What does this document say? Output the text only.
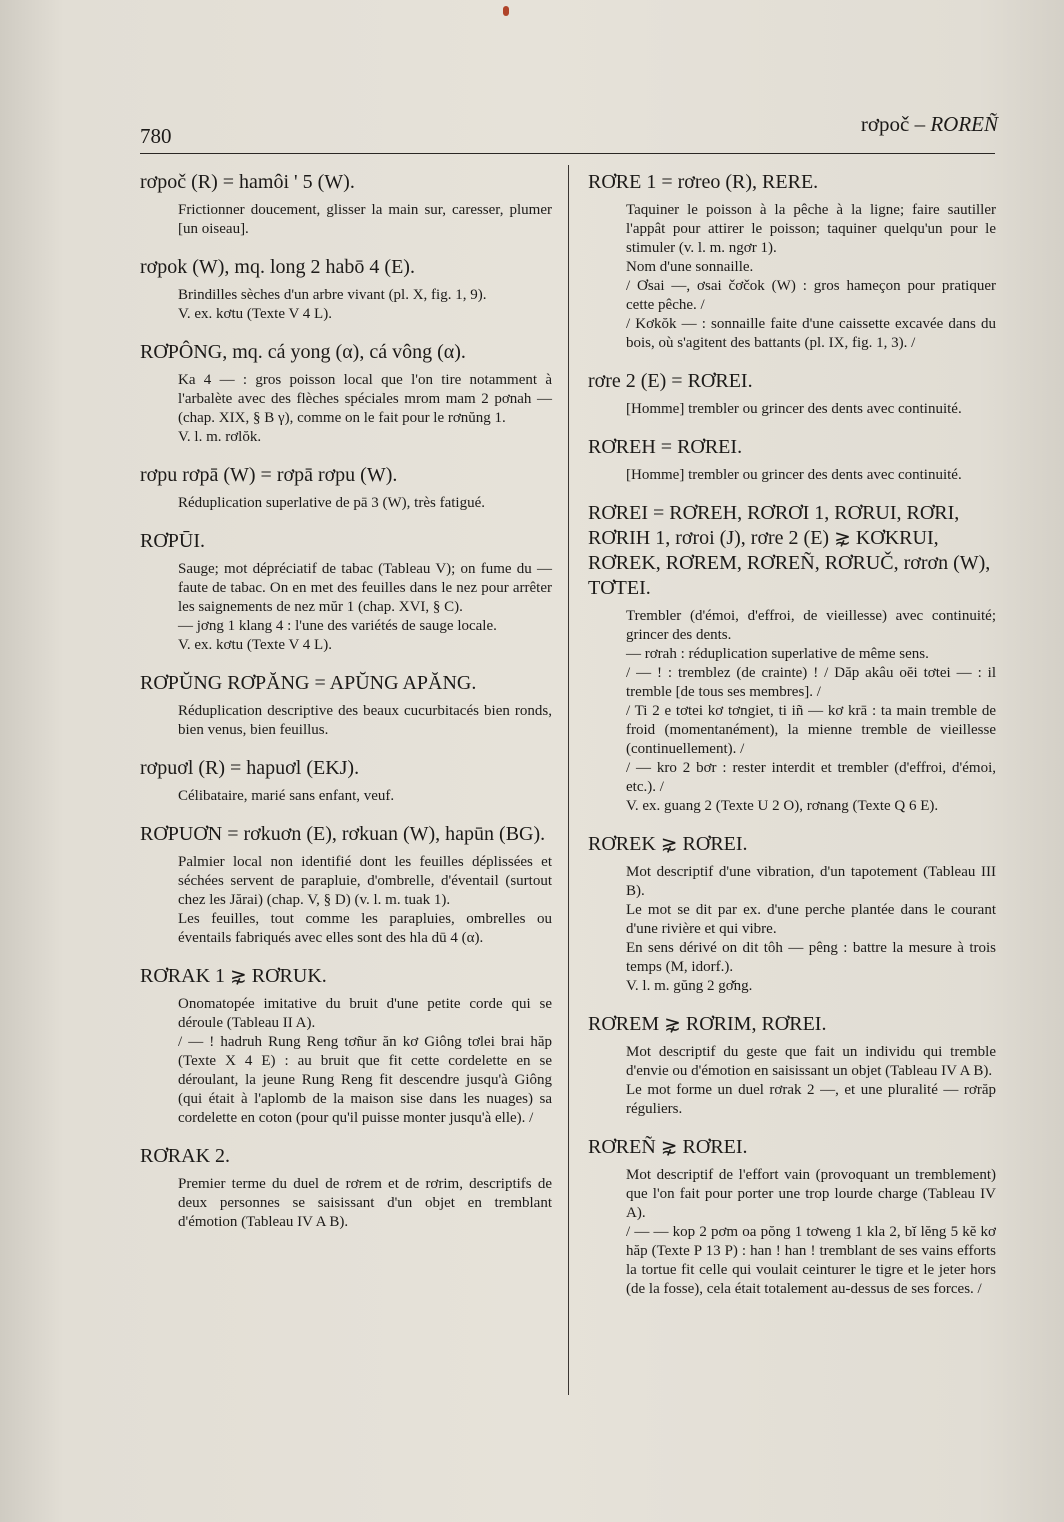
780	rơpoč – ROREÑ
rơpoč (R) = hamôi ' 5 (W).

Frictionner doucement, glisser la main sur, caresser, plumer [un oiseau].

rơpok (W), mq. long 2 habō 4 (E).

Brindilles sèches d'un arbre vivant (pl. X, fig. 1, 9).

V. ex. kơtu (Texte V 4 L).

RƠPÔNG, mq. cá yong (α), cá vông (α).

Ka 4 — : gros poisson local que l'on tire notamment à l'arbalète avec des flèches spéciales mrom mam 2 pơnah — (chap. XIX, § B γ), comme on le fait pour le rơnŭng 1.

V. l. m. rơlŏk.

rơpu rơpā (W) = rơpā rơpu (W).

Réduplication superlative de pā 3 (W), très fatigué.

RƠPŪI.

Sauge; mot dépréciatif de tabac (Tableau V); on fume du — faute de tabac. On en met des feuilles dans le nez pour arrêter les saignements de nez mŭr 1 (chap. XVI, § C).

— jơng 1 klang 4 : l'une des variétés de sauge locale.

V. ex. kơtu (Texte V 4 L).

RƠPŬNG RƠPĂNG = APŬNG APĂNG.

Réduplication descriptive des beaux cucurbitacés bien ronds, bien venus, bien feuillus.

rơpuơl (R) = hapuơl (EKJ).

Célibataire, marié sans enfant, veuf.

RƠPUƠN = rơkuơn (E), rơkuan (W), hapūn (BG).

Palmier local non identifié dont les feuilles déplissées et séchées servent de parapluie, d'ombrelle, d'éventail (surtout chez les Jărai) (chap. V, § D) (v. l. m. tuak 1).

Les feuilles, tout comme les parapluies, ombrelles ou éventails fabriqués avec elles sont des hla dū 4 (α).

RƠRAK 1 ⋧ RƠRUK.

Onomatopée imitative du bruit d'une petite corde qui se déroule (Tableau II A).

/ — ! hadruh Rung Reng tơñur ăn kơ Giông tơlei brai hăp (Texte X 4 E) : au bruit que fit cette cordelette en se déroulant, la jeune Rung Reng fit descendre jusqu'à Giông (qui était à l'aplomb de la maison sise dans les nuages) sa cordelette en coton (pour qu'il puisse monter jusqu'à elle). /

RƠRAK 2.

Premier terme du duel de rơrem et de rơrim, descriptifs de deux personnes se saisissant d'un objet en tremblant d'émotion (Tableau IV A B).

RƠRE 1 = rơreo (R), RERE.

Taquiner le poisson à la pêche à la ligne; faire sautiller l'appât pour attirer le poisson; taquiner quelqu'un pour le stimuler (v. l. m. ngơr 1).

Nom d'une sonnaille.

/ Ơsai —, ơsai čơčok (W) : gros hameçon pour pratiquer cette pêche. /

/ Kơkŏk — : sonnaille faite d'une caissette excavée dans du bois, où s'agitent des battants (pl. IX, fig. 1, 3). /

rơre 2 (E) = RƠREI.

[Homme] trembler ou grincer des dents avec continuité.

RƠREH = RƠREI.

[Homme] trembler ou grincer des dents avec continuité.

RƠREI = RƠREH, RƠRƠI 1, RƠRUI, RƠRI, RƠRIH 1, rơroi (J), rơre 2 (E) ⋧ KƠKRUI, RƠREK, RƠREM, RƠREÑ, RƠRUČ, rơrơn (W), TƠTEI.

Trembler (d'émoi, d'effroi, de vieillesse) avec continuité; grincer des dents.

— rơrah : réduplication superlative de même sens.

/ — ! : tremblez (de crainte) ! / Dăp akâu oĕi tơtei — : il tremble [de tous ses membres]. /

/ Ti 2 e tơtei kơ tơngiet, ti iñ — kơ krā : ta main tremble de froid (momentanément), la mienne tremble de vieillesse (continuellement). /

/ — kro 2 bơr : rester interdit et trembler (d'effroi, d'émoi, etc.). /

V. ex. guang 2 (Texte U 2 O), rơnang (Texte Q 6 E).

RƠREK ⋧ RƠREI.

Mot descriptif d'une vibration, d'un tapotement (Tableau III B).

Le mot se dit par ex. d'une perche plantée dans le courant d'une rivière et qui vibre.

En sens dérivé on dit tôh — pêng : battre la mesure à trois temps (M, idorf.).

V. l. m. gŭng 2 gơ̆ng.

RƠREM ⋧ RƠRIM, RƠREI.

Mot descriptif du geste que fait un individu qui tremble d'envie ou d'émotion en saisissant un objet (Tableau IV A B).

Le mot forme un duel rơrak 2 —, et une pluralité — rơrăp réguliers.

RƠREÑ ⋧ RƠREI.

Mot descriptif de l'effort vain (provoquant un tremblement) que l'on fait pour porter une trop lourde charge (Tableau IV A).

/ — — kop 2 pơm oa pŏng 1 tơweng 1 kla 2, bĭ lĕng 5 kĕ kơ hăp (Texte P 13 P) : han ! han ! tremblant de ses vains efforts la tortue fit celle qui voulait ceinturer le tigre et le jeter hors (de la fosse), cela était totalement au-dessus de ses forces. /
